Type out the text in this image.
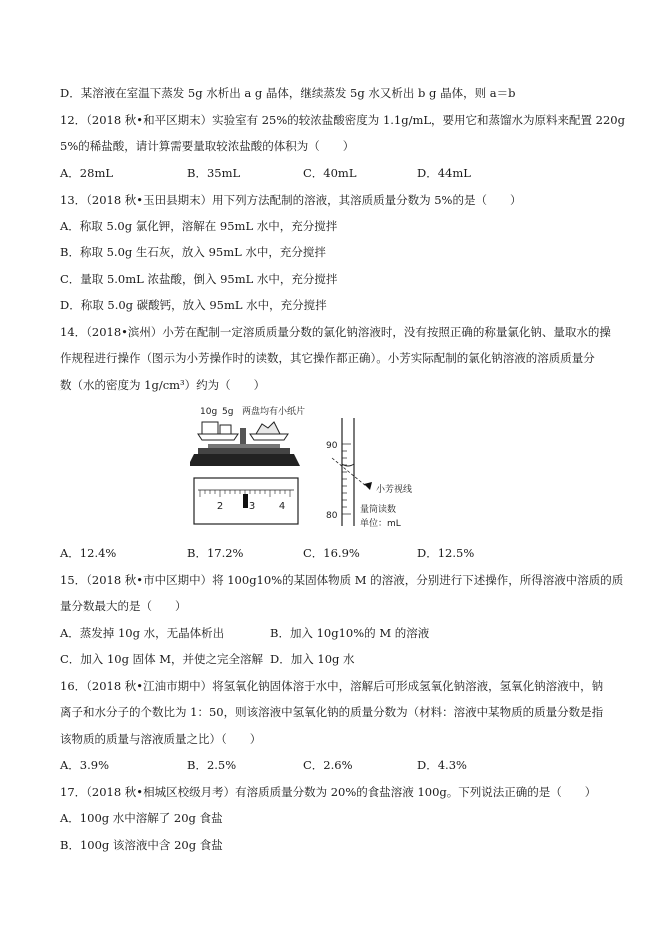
D．某溶液在室温下蒸发 5g 水析出 a g 晶体，继续蒸发 5g 水又析出 b g 晶体，则 a＝b
12．（2018 秋•和平区期末）实验室有 25%的较浓盐酸密度为 1.1g/mL，要用它和蒸馏水为原料来配置 220g
5%的稀盐酸，请计算需要量取较浓盐酸的体积为（　　）
A．28mL	B．35mL	C．40mL	D．44mL
13．（2018 秋•玉田县期末）用下列方法配制的溶液，其溶质质量分数为 5%的是（　　）
A．称取 5.0g 氯化钾，溶解在 95mL 水中，充分搅拌
B．称取 5.0g 生石灰，放入 95mL 水中，充分搅拌
C．量取 5.0mL 浓盐酸，倒入 95mL 水中，充分搅拌
D．称取 5.0g 碳酸钙，放入 95mL 水中，充分搅拌
14．（2018•滨州）小芳在配制一定溶质质量分数的氯化钠溶液时，没有按照正确的称量氯化钠、量取水的操
作规程进行操作（图示为小芳操作时的读数，其它操作都正确）。小芳实际配制的氯化钠溶液的溶质质量分
数（水的密度为 1g/cm³）约为（　　）
10g 5g 两盘均有小纸片
2	3 4
90
80
小芳视线
量筒读数
单位：mL
A．12.4%	B．17.2%	C．16.9%	D．12.5%
15．（2018 秋•市中区期中）将 100g10%的某固体物质 M 的溶液，分别进行下述操作，所得溶液中溶质的质
量分数最大的是（　　）
A．蒸发掉 10g 水，无晶体析出	B．加入 10g10%的 M 的溶液
C．加入 10g 固体 M，并使之完全溶解 D．加入 10g 水
16．（2018 秋•江油市期中）将氢氧化钠固体溶于水中，溶解后可形成氢氧化钠溶液，氢氧化钠溶液中，钠
离子和水分子的个数比为 1：50，则该溶液中氢氧化钠的质量分数为（材料：溶液中某物质的质量分数是指
该物质的质量与溶液质量之比）（　　）
A．3.9%	B．2.5%	C．2.6%	D．4.3%
17．（2018 秋•相城区校级月考）有溶质质量分数为 20%的食盐溶液 100g。下列说法正确的是（　　）
A．100g 水中溶解了 20g 食盐
B．100g 该溶液中含 20g 食盐
